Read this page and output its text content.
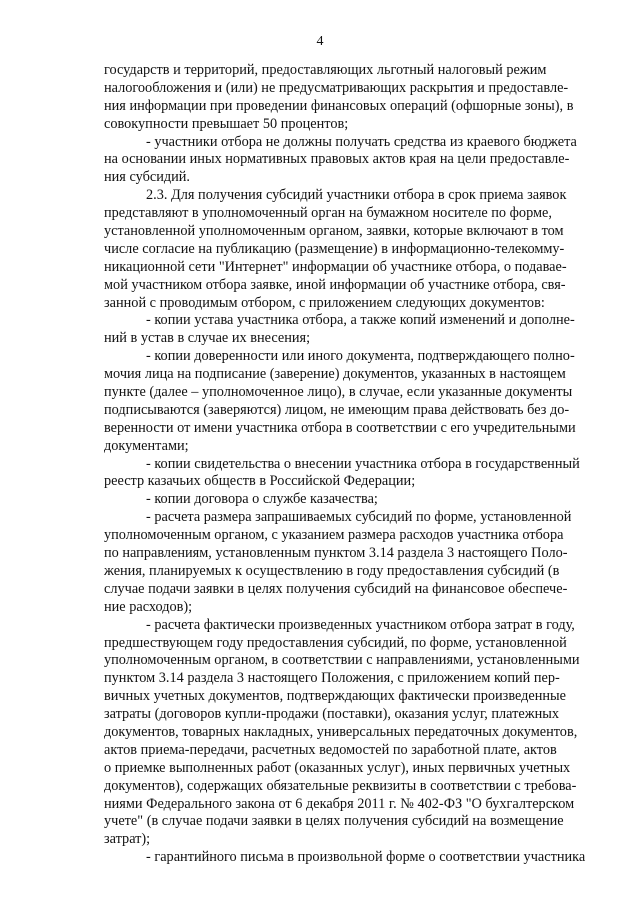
4
государств и территорий, предоставляющих льготный налоговый режим
налогообложения и (или) не предусматривающих раскрытия и предоставле-
ния информации при проведении финансовых операций (офшорные зоны), в
совокупности превышает 50 процентов;
- участники отбора не должны получать средства из краевого бюджета
на основании иных нормативных правовых актов края на цели предоставле-
ния субсидий.
2.3. Для получения субсидий участники отбора в срок приема заявок
представляют в уполномоченный орган на бумажном носителе по форме,
установленной уполномоченным органом, заявки, которые включают в том
числе согласие на публикацию (размещение) в информационно-телекомму-
никационной сети "Интернет" информации об участнике отбора, о подавае-
мой участником отбора заявке, иной информации об участнике отбора, свя-
занной с проводимым отбором, с приложением следующих документов:
- копии устава участника отбора, а также копий изменений и дополне-
ний в устав в случае их внесения;
- копии доверенности или иного документа, подтверждающего полно-
мочия лица на подписание (заверение) документов, указанных в настоящем
пункте (далее – уполномоченное лицо), в случае, если указанные документы
подписываются (заверяются) лицом, не имеющим права действовать без до-
веренности от имени участника отбора в соответствии с его учредительными
документами;
- копии свидетельства о внесении участника отбора в государственный
реестр казачьих обществ в Российской Федерации;
- копии договора о службе казачества;
- расчета размера запрашиваемых субсидий по форме, установленной
уполномоченным органом, с указанием размера расходов участника отбора
по направлениям, установленным пунктом 3.14 раздела 3 настоящего Поло-
жения, планируемых к осуществлению в году предоставления субсидий (в
случае подачи заявки в целях получения субсидий на финансовое обеспече-
ние расходов);
- расчета фактически произведенных участником отбора затрат в году,
предшествующем году предоставления субсидий, по форме, установленной
уполномоченным органом, в соответствии с направлениями, установленными
пунктом 3.14 раздела 3 настоящего Положения, с приложением копий пер-
вичных учетных документов, подтверждающих фактически произведенные
затраты (договоров купли-продажи (поставки), оказания услуг, платежных
документов, товарных накладных, универсальных передаточных документов,
актов приема-передачи, расчетных ведомостей по заработной плате, актов
о приемке выполненных работ (оказанных услуг), иных первичных учетных
документов), содержащих обязательные реквизиты в соответствии с требова-
ниями Федерального закона от 6 декабря 2011 г. № 402-ФЗ "О бухгалтерском
учете" (в случае подачи заявки в целях получения субсидий на возмещение
затрат);
- гарантийного письма в произвольной форме о соответствии участника
